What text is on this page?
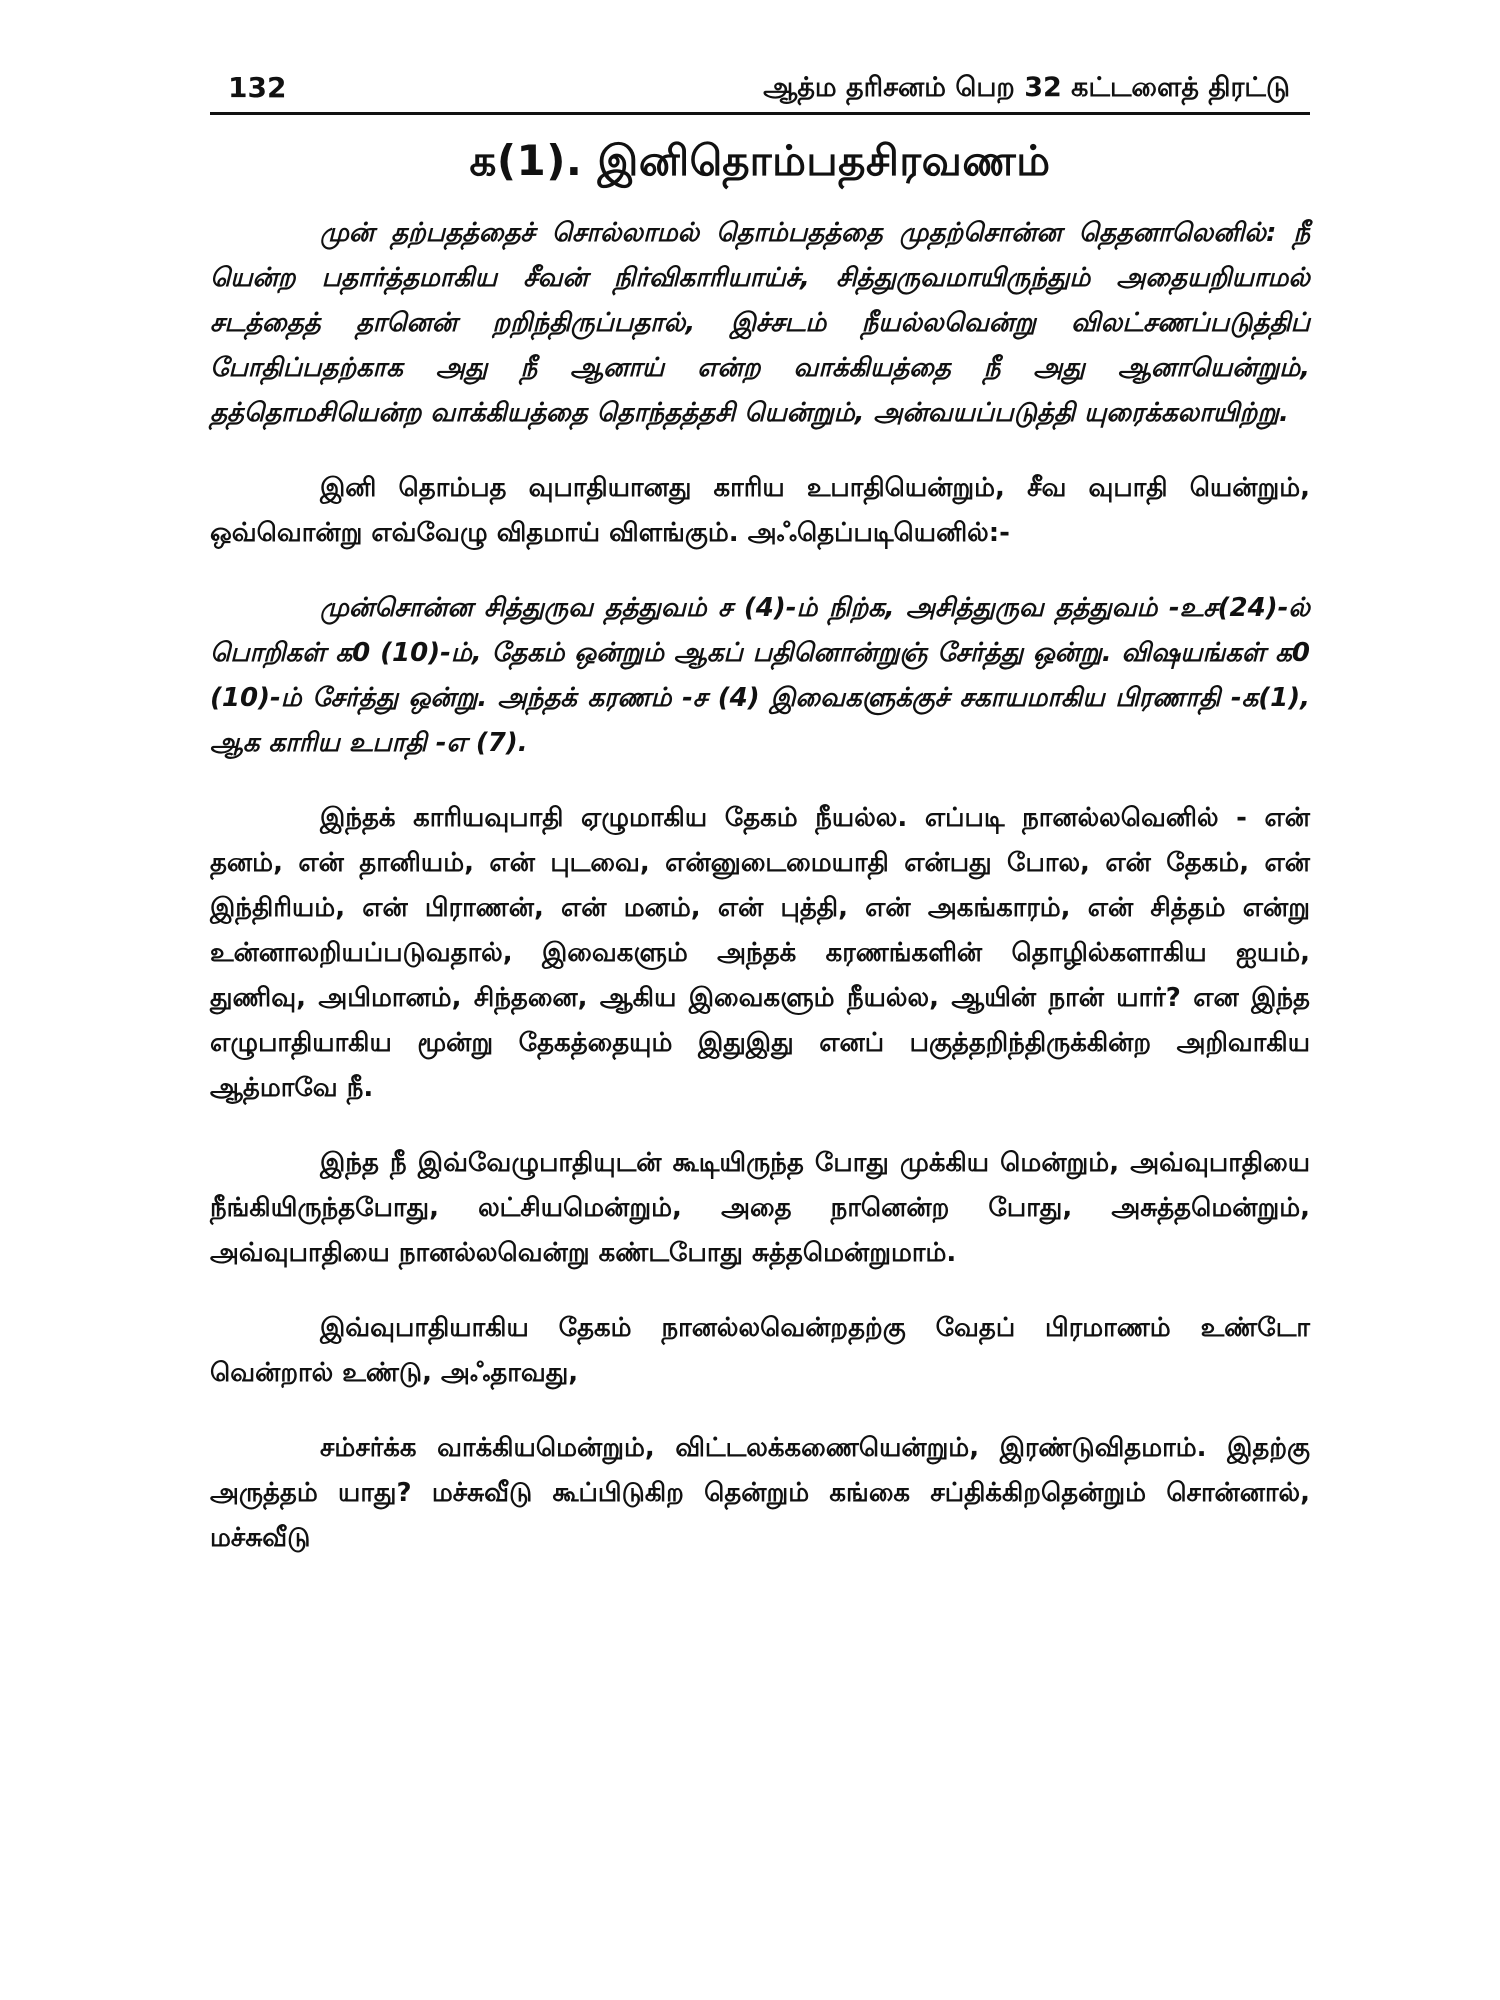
132	ஆத்ம தரிசனம் பெற 32 கட்டளைத் திரட்டு
க(1). இனிதொம்பதசிரவணம்

முன் தற்பதத்தைச் சொல்லாமல் தொம்பதத்தை முதற்சொன்ன தெதனாலெனில்: நீ யென்ற பதார்த்தமாகிய சீவன் நிர்விகாரியாய்ச், சித்துருவமாயிருந்தும் அதையறியாமல் சடத்தைத் தானென் றறிந்திருப்பதால், இச்சடம் நீயல்லவென்று விலட்சணப்படுத்திப் போதிப்பதற்காக அது நீ ஆனாய் என்ற வாக்கியத்தை நீ அது ஆனாயென்றும், தத்தொமசியென்ற வாக்கியத்தை தொந்தத்தசி யென்றும், அன்வயப்படுத்தி யுரைக்கலாயிற்று.

இனி தொம்பத வுபாதியானது காரிய உபாதியென்றும், சீவ வுபாதி யென்றும், ஒவ்வொன்று எவ்வேழு விதமாய் விளங்கும். அஃதெப்படியெனில்:-

முன்சொன்ன சித்துருவ தத்துவம் ச (4)-ம் நிற்க, அசித்துருவ தத்துவம் -உச(24)-ல் பொறிகள் க0 (10)-ம், தேகம் ஒன்றும் ஆகப் பதினொன்றுஞ் சேர்த்து ஒன்று. விஷயங்கள் க0 (10)-ம் சேர்த்து ஒன்று. அந்தக் கரணம் -ச (4) இவைகளுக்குச் சகாயமாகிய பிரணாதி -க(1), ஆக காரிய உபாதி -எ (7).

இந்தக் காரியவுபாதி ஏழுமாகிய தேகம் நீயல்ல. எப்படி நானல்லவெனில் - என் தனம், என் தானியம், என் புடவை, என்னுடைமையாதி என்பது போல, என் தேகம், என் இந்திரியம், என் பிராணன், என் மனம், என் புத்தி, என் அகங்காரம், என் சித்தம் என்று உன்னாலறியப்படுவதால், இவைகளும் அந்தக் கரணங்களின் தொழில்களாகிய ஐயம், துணிவு, அபிமானம், சிந்தனை, ஆகிய இவைகளும் நீயல்ல, ஆயின் நான் யார்? என இந்த எழுபாதியாகிய மூன்று தேகத்தையும் இதுஇது எனப் பகுத்தறிந்திருக்கின்ற அறிவாகிய ஆத்மாவே நீ.

இந்த நீ இவ்வேழுபாதியுடன் கூடியிருந்த போது முக்கிய மென்றும், அவ்வுபாதியை நீங்கியிருந்தபோது, லட்சியமென்றும், அதை நானென்ற போது, அசுத்தமென்றும், அவ்வுபாதியை நானல்லவென்று கண்டபோது சுத்தமென்றுமாம்.

இவ்வுபாதியாகிய தேகம் நானல்லவென்றதற்கு வேதப் பிரமாணம் உண்டோ வென்றால் உண்டு, அஃதாவது,

சம்சர்க்க வாக்கியமென்றும், விட்டலக்கணையென்றும், இரண்டுவிதமாம். இதற்கு அருத்தம் யாது? மச்சுவீடு கூப்பிடுகிற தென்றும் கங்கை சப்திக்கிறதென்றும் சொன்னால், மச்சுவீடு
